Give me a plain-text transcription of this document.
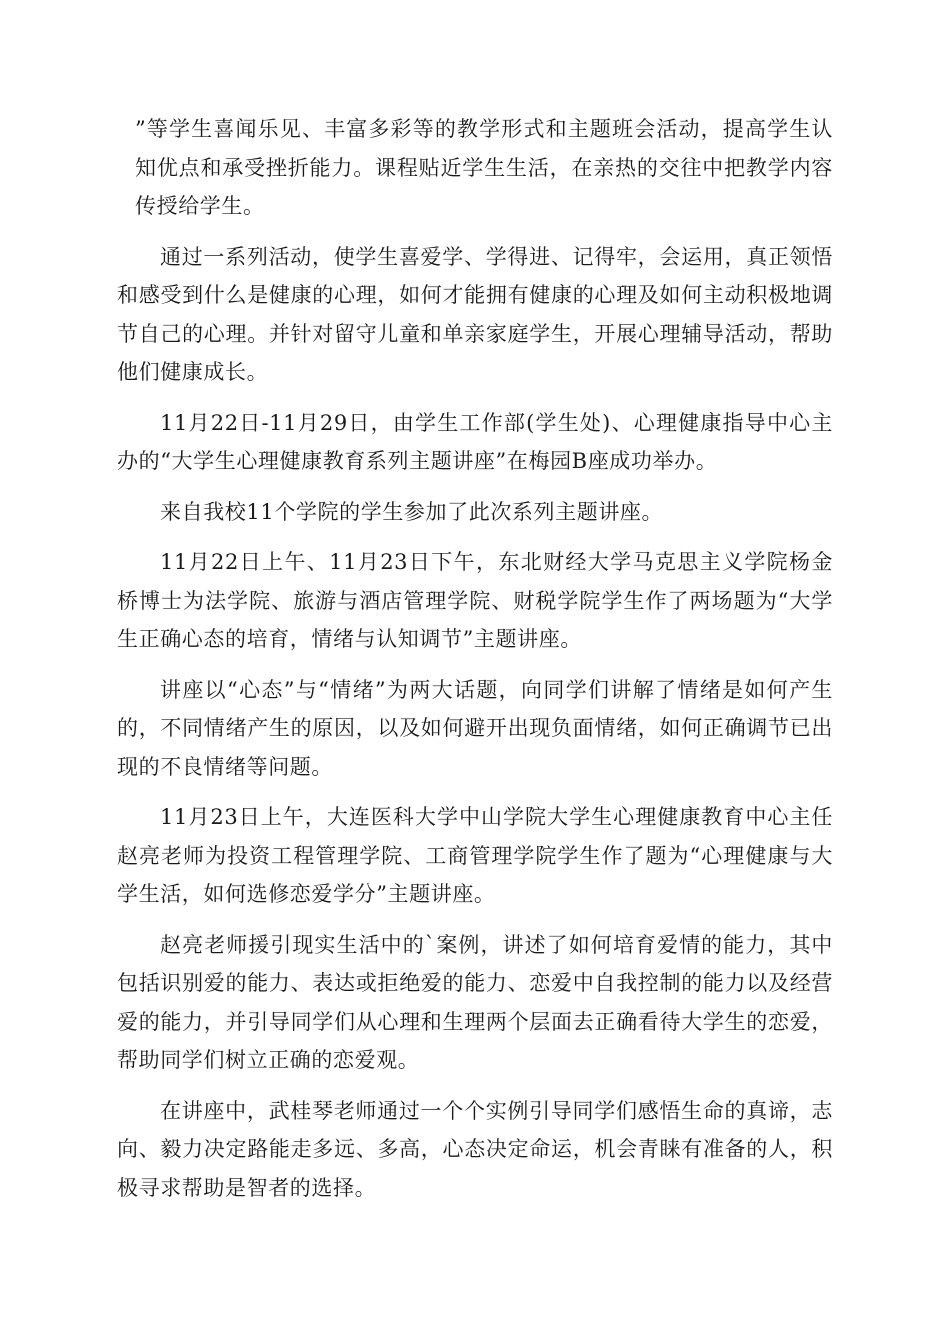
”等学生喜闻乐见、丰富多彩等的教学形式和主题班会活动，提高学生认知优点和承受挫折能力。课程贴近学生生活，在亲热的交往中把教学内容传授给学生。

通过一系列活动，使学生喜爱学、学得进、记得牢，会运用，真正领悟和感受到什么是健康的心理，如何才能拥有健康的心理及如何主动积极地调节自己的心理。并针对留守儿童和单亲家庭学生，开展心理辅导活动，帮助他们健康成长。

11月22日-11月29日，由学生工作部(学生处)、心理健康指导中心主办的“大学生心理健康教育系列主题讲座”在梅园B座成功举办。

来自我校11个学院的学生参加了此次系列主题讲座。

11月22日上午、11月23日下午，东北财经大学马克思主义学院杨金桥博士为法学院、旅游与酒店管理学院、财税学院学生作了两场题为“大学生正确心态的培育，情绪与认知调节”主题讲座。

讲座以“心态”与“情绪”为两大话题，向同学们讲解了情绪是如何产生的，不同情绪产生的原因，以及如何避开出现负面情绪，如何正确调节已出现的不良情绪等问题。

11月23日上午，大连医科大学中山学院大学生心理健康教育中心主任赵亮老师为投资工程管理学院、工商管理学院学生作了题为“心理健康与大学生活，如何选修恋爱学分”主题讲座。

赵亮老师援引现实生活中的`案例，讲述了如何培育爱情的能力，其中包括识别爱的能力、表达或拒绝爱的能力、恋爱中自我控制的能力以及经营爱的能力，并引导同学们从心理和生理两个层面去正确看待大学生的恋爱，帮助同学们树立正确的恋爱观。

在讲座中，武桂琴老师通过一个个实例引导同学们感悟生命的真谛，志向、毅力决定路能走多远、多高，心态决定命运，机会青睐有准备的人，积极寻求帮助是智者的选择。
